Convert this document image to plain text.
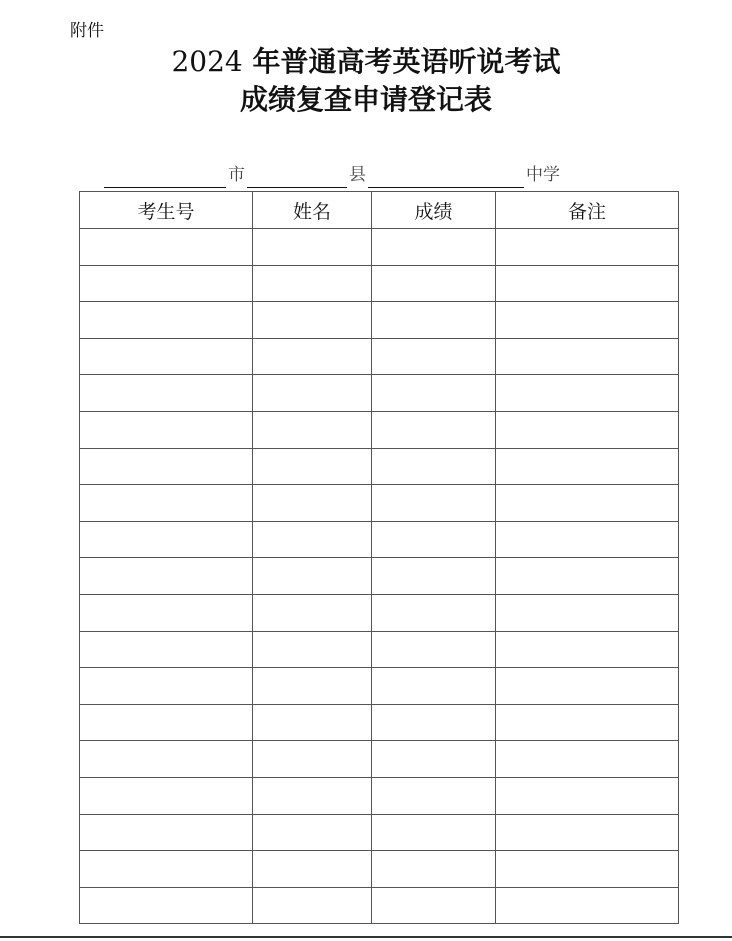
附件
2024 年普通高考英语听说考试
成绩复查申请登记表
市	县	中学
考生号	姓名	成绩	备注
